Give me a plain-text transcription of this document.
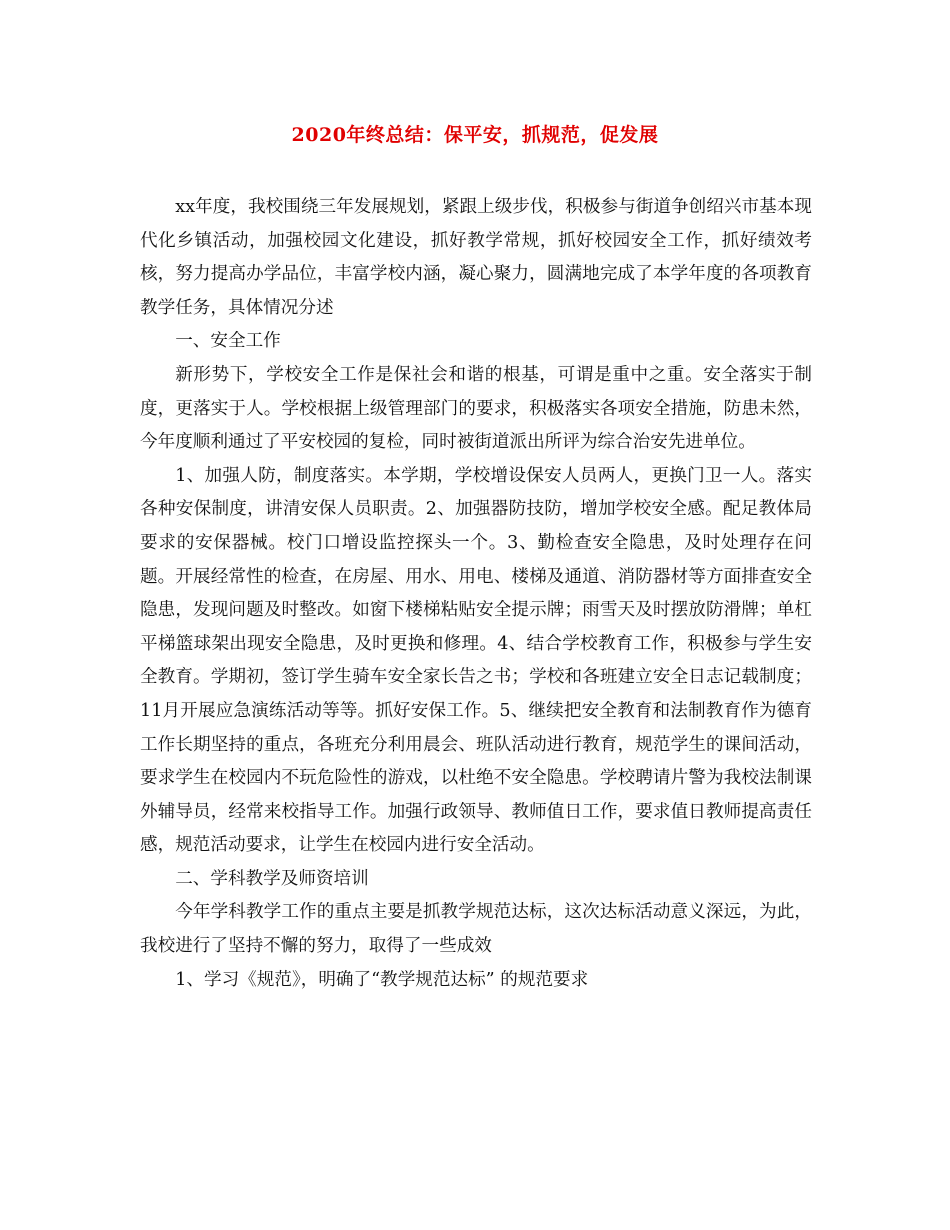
2020年终总结：保平安，抓规范，促发展

xx年度，我校围绕三年发展规划，紧跟上级步伐，积极参与街道争创绍兴市基本现代化乡镇活动，加强校园文化建设，抓好教学常规，抓好校园安全工作，抓好绩效考核，努力提高办学品位，丰富学校内涵，凝心聚力，圆满地完成了本学年度的各项教育教学任务，具体情况分述

一、安全工作

新形势下，学校安全工作是保社会和谐的根基，可谓是重中之重。安全落实于制度，更落实于人。学校根据上级管理部门的要求，积极落实各项安全措施，防患未然，今年度顺利通过了平安校园的复检，同时被街道派出所评为综合治安先进单位。

1、加强人防，制度落实。本学期，学校增设保安人员两人，更换门卫一人。落实各种安保制度，讲清安保人员职责。2、加强器防技防，增加学校安全感。配足教体局要求的安保器械。校门口增设监控探头一个。3、勤检查安全隐患，及时处理存在问题。开展经常性的检查，在房屋、用水、用电、楼梯及通道、消防器材等方面排查安全隐患，发现问题及时整改。如窗下楼梯粘贴安全提示牌；雨雪天及时摆放防滑牌；单杠平梯篮球架出现安全隐患，及时更换和修理。4、结合学校教育工作，积极参与学生安全教育。学期初，签订学生骑车安全家长告之书；学校和各班建立安全日志记载制度；11月开展应急演练活动等等。抓好安保工作。5、继续把安全教育和法制教育作为德育工作长期坚持的重点，各班充分利用晨会、班队活动进行教育，规范学生的课间活动，要求学生在校园内不玩危险性的游戏，以杜绝不安全隐患。学校聘请片警为我校法制课外辅导员，经常来校指导工作。加强行政领导、教师值日工作，要求值日教师提高责任感，规范活动要求，让学生在校园内进行安全活动。

二、学科教学及师资培训

今年学科教学工作的重点主要是抓教学规范达标，这次达标活动意义深远，为此，我校进行了坚持不懈的努力，取得了一些成效

1、学习《规范》，明确了“教学规范达标” 的规范要求
